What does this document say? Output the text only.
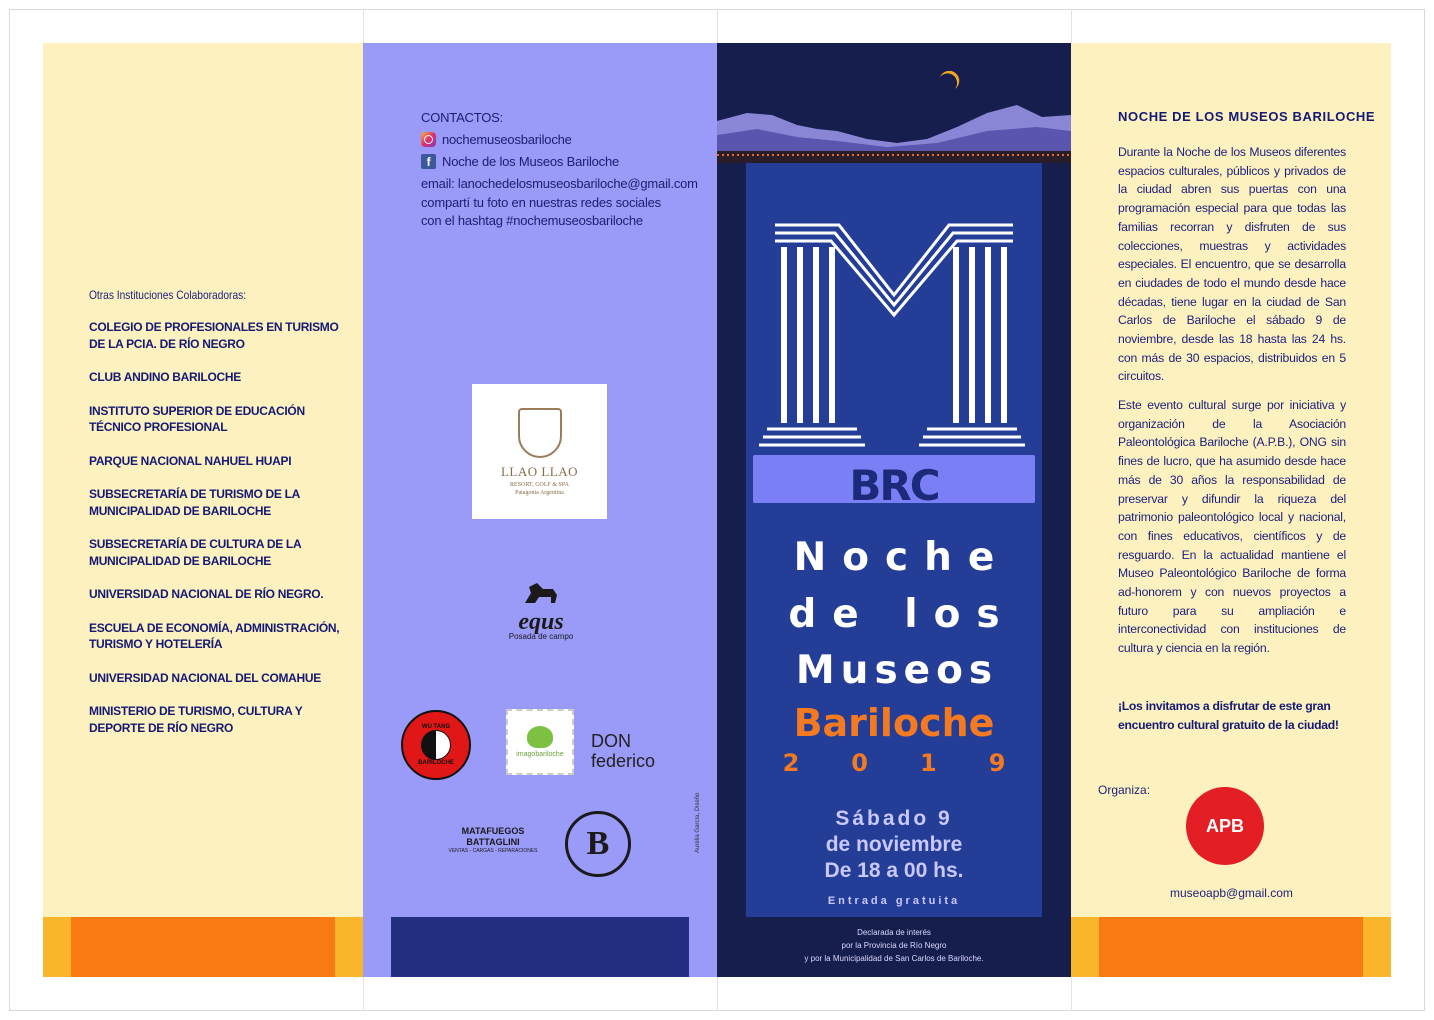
Otras Instituciones Colaboradoras:
COLEGIO DE PROFESIONALES EN TURISMO DE LA PCIA. DE RÍO NEGRO
CLUB ANDINO BARILOCHE
INSTITUTO SUPERIOR DE EDUCACIÓN TÉCNICO PROFESIONAL
PARQUE NACIONAL NAHUEL HUAPI
SUBSECRETARÍA DE TURISMO DE LA MUNICIPALIDAD DE BARILOCHE
SUBSECRETARÍA DE CULTURA DE LA MUNICIPALIDAD DE BARILOCHE
UNIVERSIDAD NACIONAL DE RÍO NEGRO.
ESCUELA DE ECONOMÍA, ADMINISTRACIÓN, TURISMO Y HOTELERÍA
UNIVERSIDAD NACIONAL DEL COMAHUE
MINISTERIO DE TURISMO, CULTURA Y DEPORTE DE RÍO NEGRO
CONTACTOS:
nochemuseosbariloche
f Noche de los Museos Bariloche
email: lanochedelosmuseosbariloche@gmail.com
compartí tu foto en nuestras redes sociales
con el hashtag #nochemuseosbariloche
LLAO LLAO
RESORT, GOLF & SPA
Patagonia Argentina
equs
Posada de campo
WU TANG
BARILOCHE
imagobariloche
DON
federico
MATAFUEGOS
BATTAGLINI
VENTAS - CARGAS - REPARACIONES B	Aurelia García, Diseño
BRC
Noche
de los
Museos
Bariloche
2019
Sábado 9
de noviembre
De 18 a 00 hs.
Entrada gratuita
Declarada de interés
por la Provincia de Río Negro
y por la Municipalidad de San Carlos de Bariloche.
NOCHE DE LOS MUSEOS BARILOCHE
Durante la Noche de los Museos diferentes espacios culturales, públicos y privados de la ciudad abren sus puertas con una programación especial para que todas las familias recorran y disfruten de sus colecciones, muestras y actividades especiales. El encuentro, que se desarrolla en ciudades de todo el mundo desde hace décadas, tiene lugar en la ciudad de San Carlos de Bariloche el sábado 9 de noviembre, desde las 18 hasta las 24 hs. con más de 30 espacios, distribuidos en 5 circuitos.
Este evento cultural surge por iniciativa y organización de la Asociación Paleontológica Bariloche (A.P.B.), ONG sin fines de lucro, que ha asumido desde hace más de 30 años la responsabilidad de preservar y difundir la riqueza del patrimonio paleontológico local y nacional, con fines educativos, científicos y de resguardo. En la actualidad mantiene el Museo Paleontológico Bariloche de forma ad-honorem y con nuevos proyectos a futuro para su ampliación e interconectividad con instituciones de cultura y ciencia en la región.
¡Los invitamos a disfrutar de este gran encuentro cultural gratuito de la ciudad!
Organiza:
APB
museoapb@gmail.com
